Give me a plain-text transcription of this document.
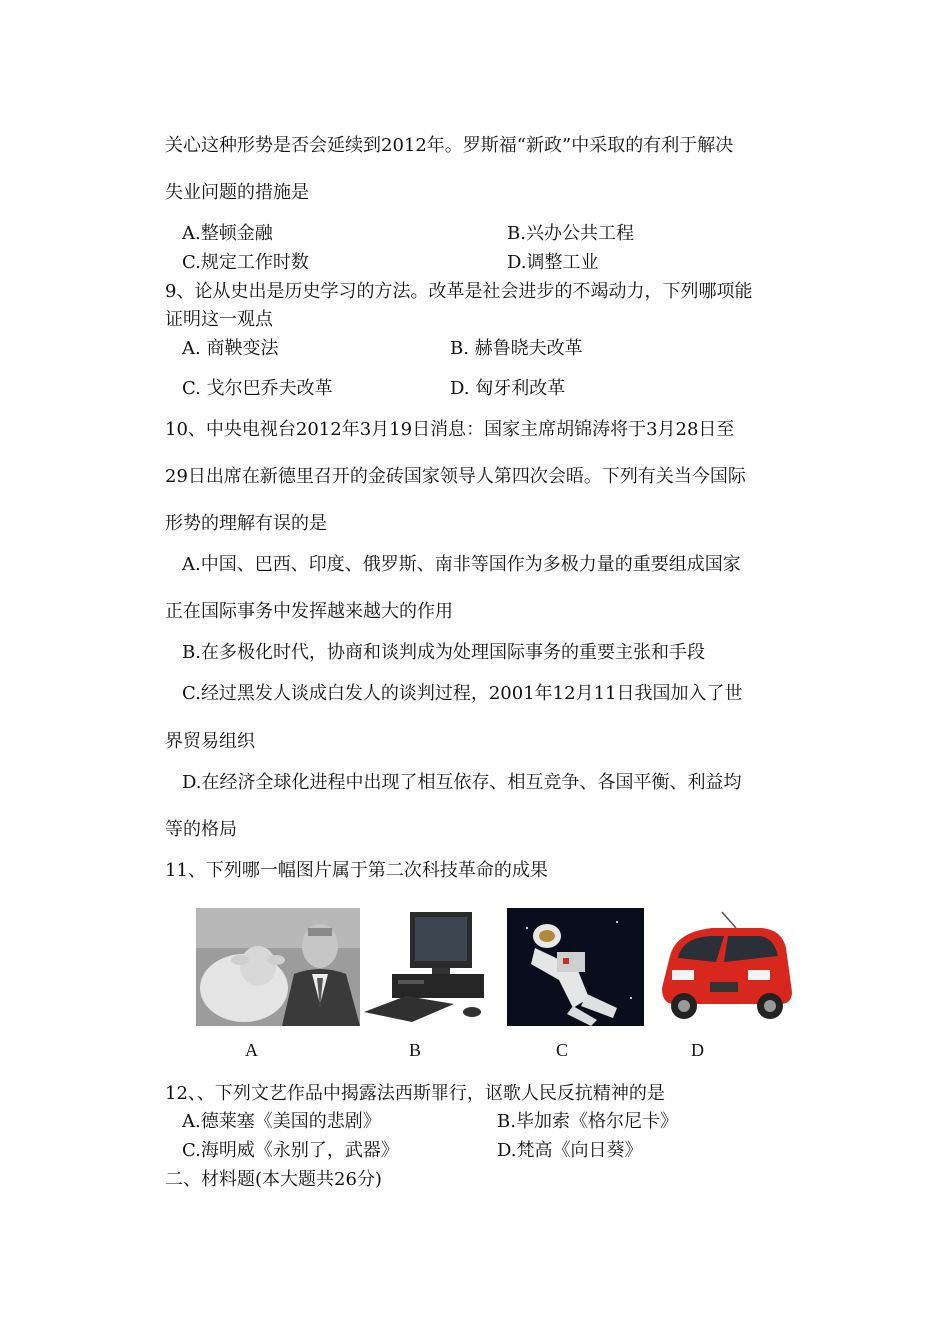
关心这种形势是否会延续到2012年。罗斯福“新政”中采取的有利于解决
失业问题的措施是
A.整顿金融	B.兴办公共工程
C.规定工作时数	D.调整工业
9、论从史出是历史学习的方法。改革是社会进步的不竭动力，下列哪项能
证明这一观点
A. 商鞅变法	B. 赫鲁晓夫改革
C. 戈尔巴乔夫改革	D. 匈牙利改革
10、中央电视台2012年3月19日消息：国家主席胡锦涛将于3月28日至
29日出席在新德里召开的金砖国家领导人第四次会晤。下列有关当今国际
形势的理解有误的是
A.中国、巴西、印度、俄罗斯、南非等国作为多极力量的重要组成国家
正在国际事务中发挥越来越大的作用
B.在多极化时代，协商和谈判成为处理国际事务的重要主张和手段
C.经过黑发人谈成白发人的谈判过程，2001年12月11日我国加入了世
界贸易组织
D.在经济全球化进程中出现了相互依存、相互竞争、各国平衡、利益均
等的格局
11、下列哪一幅图片属于第二次科技革命的成果
A	B	C	D
12、、下列文艺作品中揭露法西斯罪行，讴歌人民反抗精神的是
A.德莱塞《美国的悲剧》	B.毕加索《格尔尼卡》
C.海明威《永别了，武器》	D.梵高《向日葵》
二、材料题(本大题共26分)
